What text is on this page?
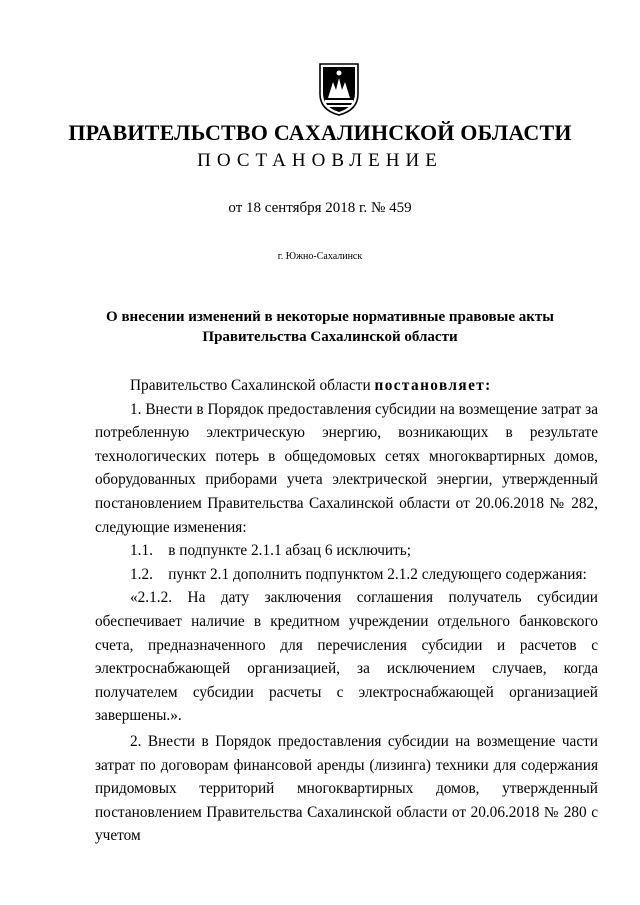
ПРАВИТЕЛЬСТВО САХАЛИНСКОЙ ОБЛАСТИ
ПОСТАНОВЛЕНИЕ
от 18 сентября 2018 г. № 459
г. Южно-Сахалинск
О внесении изменений в некоторые нормативные правовые акты
Правительства Сахалинской области

Правительство Сахалинской области постановляет:

1. Внести в Порядок предоставления субсидии на возмещение затрат за потребленную электрическую энергию, возникающих в результате технологических потерь в общедомовых сетях многоквартирных домов, оборудованных приборами учета электрической энергии, утвержденный постановлением Правительства Сахалинской области от 20.06.2018 № 282, следующие изменения:

1.1.    в подпункте 2.1.1 абзац 6 исключить;

1.2.    пункт 2.1 дополнить подпунктом 2.1.2 следующего содержания:

«2.1.2. На дату заключения соглашения получатель субсидии обеспечивает наличие в кредитном учреждении отдельного банковского счета, предназначенного для перечисления субсидии и расчетов с электроснабжающей организацией, за исключением случаев, когда получателем субсидии расчеты с электроснабжающей организацией завершены.».

2. Внести в Порядок предоставления субсидии на возмещение части затрат по договорам финансовой аренды (лизинга) техники для содержания придомовых территорий многоквартирных домов, утвержденный постановлением Правительства Сахалинской области от 20.06.2018 № 280 с учетом
